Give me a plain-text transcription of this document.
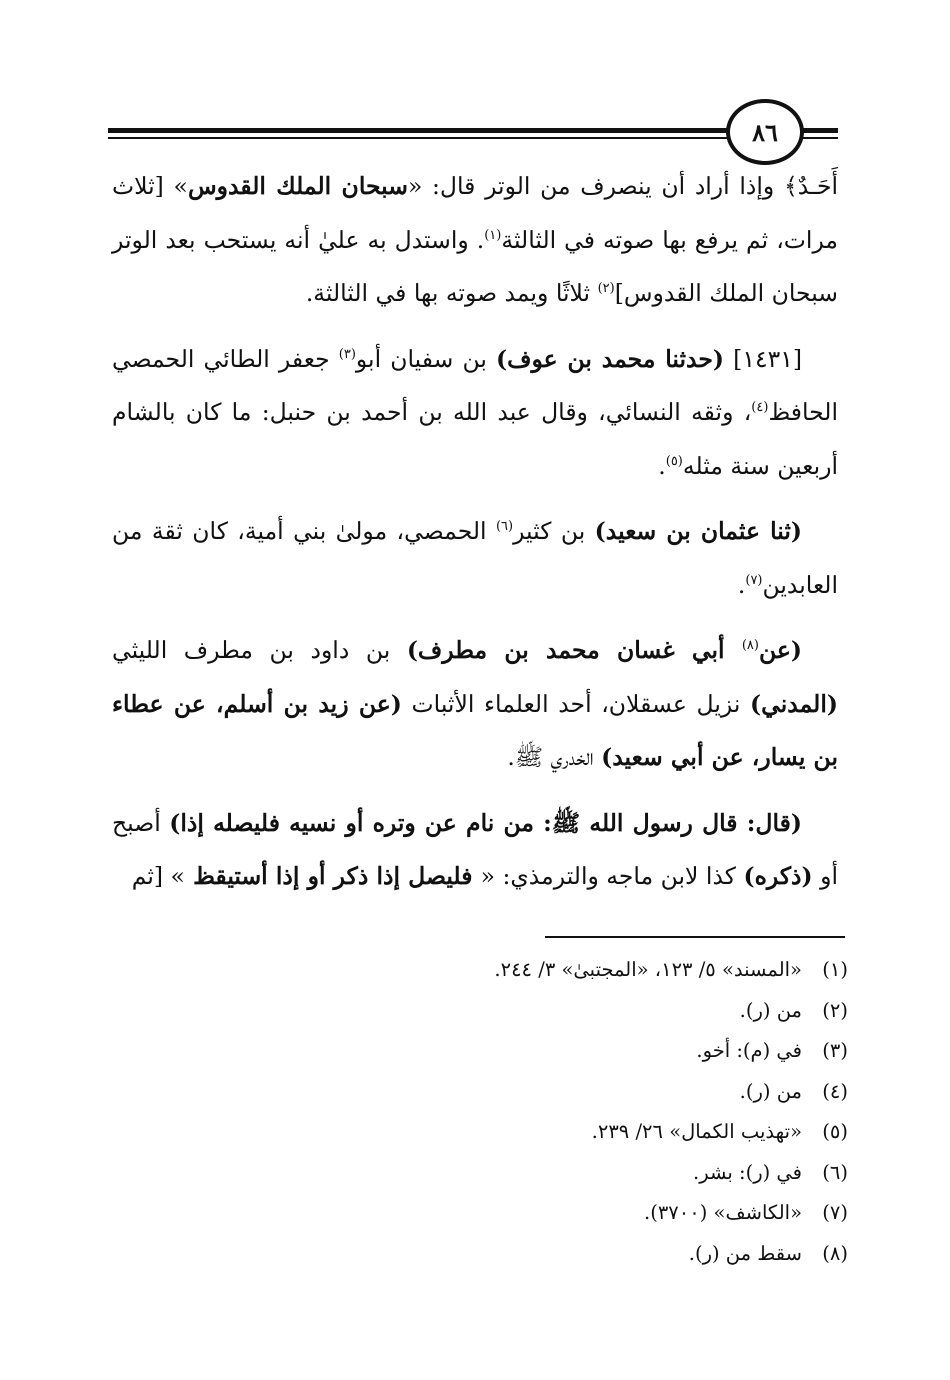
٨٦

أَحَـدٌ﴾ وإذا أراد أن ينصرف من الوتر قال: «سبحان الملك القدوس» [ثلاث مرات، ثم يرفع بها صوته في الثالثة$^{(١)}$. واستدل به عليٰ أنه يستحب بعد الوتر سبحان الملك القدوس]$^{(٢)}$ ثلاثًا ويمد صوته بها في الثالثة.

[١٤٣١] (حدثنا محمد بن عوف) بن سفيان أبو$^{(٣)}$ جعفر الطائي الحمصي الحافظ$^{(٤)}$، وثقه النسائي، وقال عبد الله بن أحمد بن حنبل: ما كان بالشام أربعين سنة مثله$^{(٥)}$.

(ثنا عثمان بن سعيد) بن كثير$^{(٦)}$ الحمصي، مولىٰ بني أمية، كان ثقة من العابدين$^{(٧)}$.

(عن$^{(٨)}$ أبي غسان محمد بن مطرف) بن داود بن مطرف الليثي (المدني) نزيل عسقلان، أحد العلماء الأثبات (عن زيد بن أسلم، عن عطاء بن يسار، عن أبي سعيد) الخدري ﷺ.

(قال: قال رسول الله ﷺ: من نام عن وتره أو نسيه فليصله إذا) أصبح أو (ذكره) كذا لابن ماجه والترمذي: « فليصل إذا ذكر أو إذا أستيقظ » [ثم

(١)
«المسند» ٥/ ١٢٣، «المجتبىٰ» ٣/ ٢٤٤.
(٢)
من (ر).
(٣)
في (م): أخو.
(٤)
من (ر).
(٥)
«تهذيب الكمال» ٢٦/ ٢٣٩.
(٦)
في (ر): بشر.
(٧)
«الكاشف» (٣٧٠٠).
(٨)
سقط من (ر).
